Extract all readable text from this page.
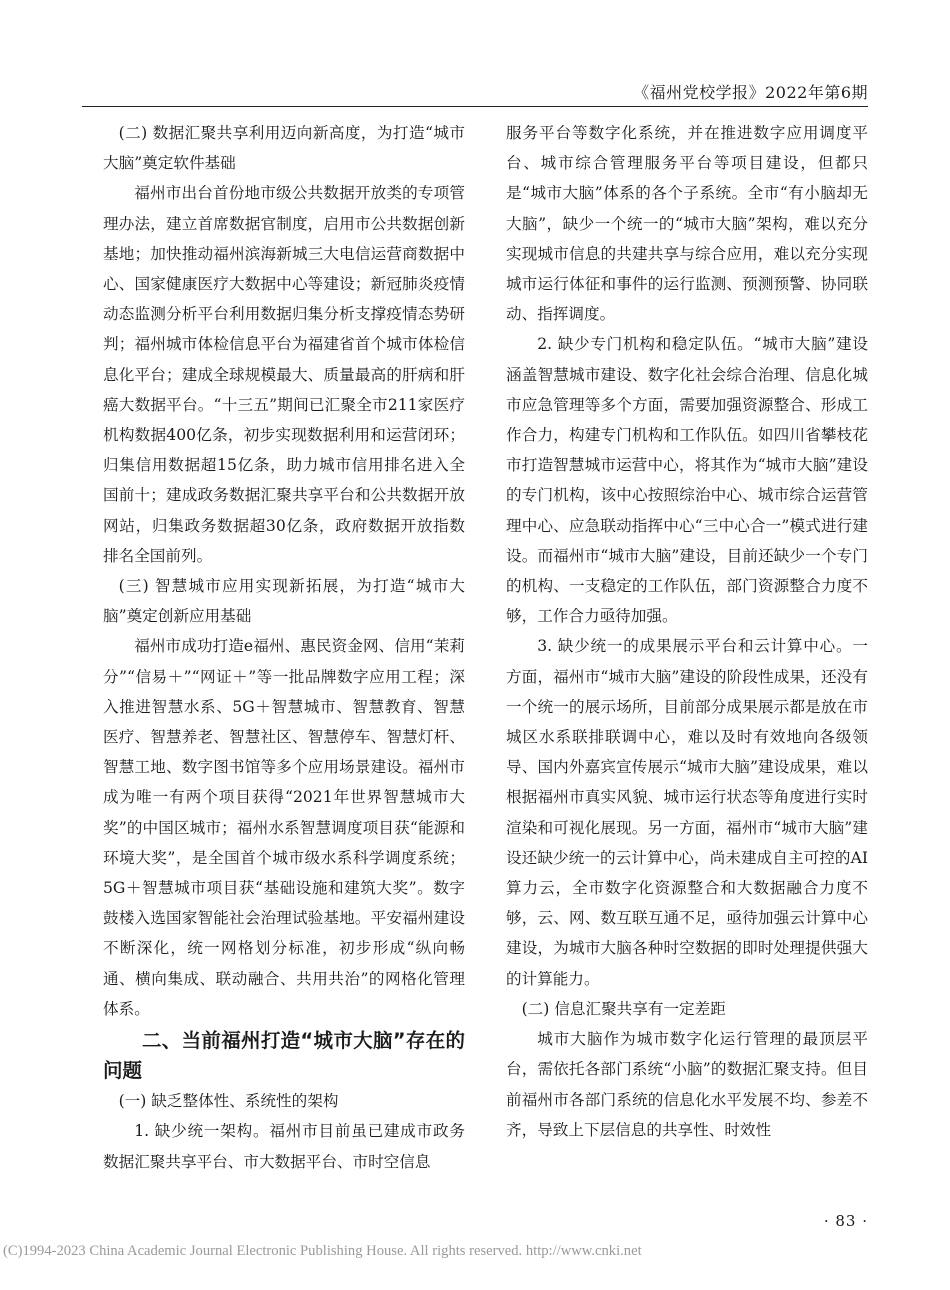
《福州党校学报》2022年第6期

(二) 数据汇聚共享利用迈向新高度，为打造“城市大脑”奠定软件基础

福州市出台首份地市级公共数据开放类的专项管理办法，建立首席数据官制度，启用市公共数据创新基地；加快推动福州滨海新城三大电信运营商数据中心、国家健康医疗大数据中心等建设；新冠肺炎疫情动态监测分析平台利用数据归集分析支撑疫情态势研判；福州城市体检信息平台为福建省首个城市体检信息化平台；建成全球规模最大、质量最高的肝病和肝癌大数据平台。“十三五”期间已汇聚全市211家医疗机构数据400亿条，初步实现数据利用和运营闭环；归集信用数据超15亿条，助力城市信用排名进入全国前十；建成政务数据汇聚共享平台和公共数据开放网站，归集政务数据超30亿条，政府数据开放指数排名全国前列。

(三) 智慧城市应用实现新拓展，为打造“城市大脑”奠定创新应用基础

福州市成功打造e福州、惠民资金网、信用“茉莉分”“信易＋”“网证＋”等一批品牌数字应用工程；深入推进智慧水系、5G＋智慧城市、智慧教育、智慧医疗、智慧养老、智慧社区、智慧停车、智慧灯杆、智慧工地、数字图书馆等多个应用场景建设。福州市成为唯一有两个项目获得“2021年世界智慧城市大奖”的中国区城市；福州水系智慧调度项目获“能源和环境大奖”，是全国首个城市级水系科学调度系统；5G＋智慧城市项目获“基础设施和建筑大奖”。数字鼓楼入选国家智能社会治理试验基地。平安福州建设不断深化，统一网格划分标准，初步形成“纵向畅通、横向集成、联动融合、共用共治”的网格化管理体系。

二、当前福州打造“城市大脑”存在的问题

(一) 缺乏整体性、系统性的架构

1. 缺少统一架构。福州市目前虽已建成市政务数据汇聚共享平台、市大数据平台、市时空信息

服务平台等数字化系统，并在推进数字应用调度平台、城市综合管理服务平台等项目建设，但都只是“城市大脑”体系的各个子系统。全市“有小脑却无大脑”，缺少一个统一的“城市大脑”架构，难以充分实现城市信息的共建共享与综合应用，难以充分实现城市运行体征和事件的运行监测、预测预警、协同联动、指挥调度。

2. 缺少专门机构和稳定队伍。“城市大脑”建设涵盖智慧城市建设、数字化社会综合治理、信息化城市应急管理等多个方面，需要加强资源整合、形成工作合力，构建专门机构和工作队伍。如四川省攀枝花市打造智慧城市运营中心，将其作为“城市大脑”建设的专门机构，该中心按照综治中心、城市综合运营管理中心、应急联动指挥中心“三中心合一”模式进行建设。而福州市“城市大脑”建设，目前还缺少一个专门的机构、一支稳定的工作队伍，部门资源整合力度不够，工作合力亟待加强。

3. 缺少统一的成果展示平台和云计算中心。一方面，福州市“城市大脑”建设的阶段性成果，还没有一个统一的展示场所，目前部分成果展示都是放在市城区水系联排联调中心，难以及时有效地向各级领导、国内外嘉宾宣传展示“城市大脑”建设成果，难以根据福州市真实风貌、城市运行状态等角度进行实时渲染和可视化展现。另一方面，福州市“城市大脑”建设还缺少统一的云计算中心，尚未建成自主可控的AI算力云，全市数字化资源整合和大数据融合力度不够，云、网、数互联互通不足，亟待加强云计算中心建设，为城市大脑各种时空数据的即时处理提供强大的计算能力。

(二) 信息汇聚共享有一定差距

城市大脑作为城市数字化运行管理的最顶层平台，需依托各部门系统“小脑”的数据汇聚支持。但目前福州市各部门系统的信息化水平发展不均、参差不齐，导致上下层信息的共享性、时效性

· 83 ·
(C)1994-2023 China Academic Journal Electronic Publishing House. All rights reserved. http://www.cnki.net
